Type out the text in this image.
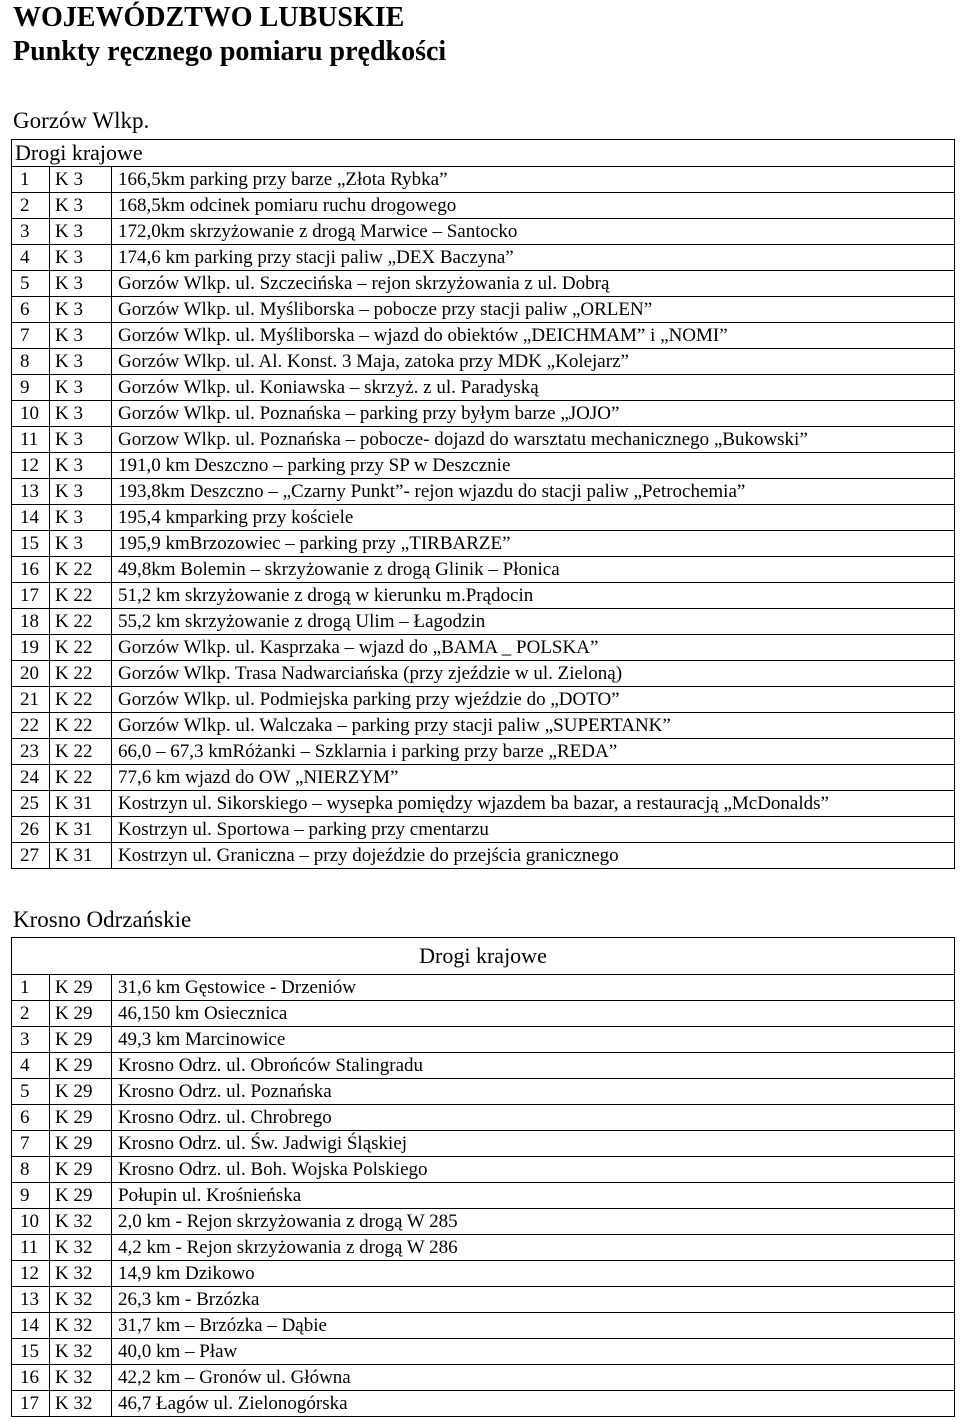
WOJEWÓDZTWO LUBUSKIE
Punkty ręcznego pomiaru prędkości
Gorzów Wlkp.
Drogi krajowe		
1	K 3	166,5km parking przy barze „Złota Rybka”
2	K 3	168,5km odcinek pomiaru ruchu drogowego
3	K 3	172,0km skrzyżowanie z drogą Marwice – Santocko
4	K 3	174,6 km parking przy stacji paliw „DEX Baczyna”
5	K 3	Gorzów Wlkp. ul. Szczecińska – rejon skrzyżowania z ul. Dobrą
6	K 3	Gorzów Wlkp. ul. Myśliborska – pobocze przy stacji paliw „ORLEN”
7	K 3	Gorzów Wlkp. ul. Myśliborska – wjazd do obiektów „DEICHMAM” i „NOMI”
8	K 3	Gorzów Wlkp. ul. Al. Konst. 3 Maja, zatoka przy MDK „Kolejarz”
9	K 3	Gorzów Wlkp. ul. Koniawska – skrzyż. z ul. Paradyską
10	K 3	Gorzów Wlkp. ul. Poznańska – parking przy byłym barze „JOJO”
11	K 3	Gorzow Wlkp. ul. Poznańska – pobocze- dojazd do warsztatu mechanicznego „Bukowski”
12	K 3	191,0 km Deszczno – parking przy SP w Deszcznie
13	K 3	193,8km Deszczno – „Czarny Punkt”- rejon wjazdu do stacji paliw „Petrochemia”
14	K 3	195,4 kmparking przy kościele
15	K 3	195,9 kmBrzozowiec – parking przy „TIRBARZE”
16	K 22	49,8km Bolemin – skrzyżowanie z drogą Glinik – Płonica
17	K 22	51,2 km skrzyżowanie z drogą w kierunku m.Prądocin
18	K 22	55,2 km skrzyżowanie z drogą Ulim – Łagodzin
19	K 22	Gorzów Wlkp. ul. Kasprzaka – wjazd do „BAMA _ POLSKA”
20	K 22	Gorzów Wlkp. Trasa Nadwarciańska (przy zjeździe w ul. Zieloną)
21	K 22	Gorzów Wlkp. ul. Podmiejska parking przy wjeździe do „DOTO”
22	K 22	Gorzów Wlkp. ul. Walczaka – parking przy stacji paliw „SUPERTANK”
23	K 22	66,0 – 67,3 kmRóżanki – Szklarnia i parking przy barze „REDA”
24	K 22	77,6 km wjazd do OW „NIERZYM”
25	K 31	Kostrzyn ul. Sikorskiego – wysepka pomiędzy wjazdem ba bazar, a restauracją „McDonalds”
26	K 31	Kostrzyn ul. Sportowa – parking przy cmentarzu
27	K 31	Kostrzyn ul. Graniczna – przy dojeździe do przejścia granicznego
Krosno Odrzańskie
Drogi krajowe		
1	K 29	31,6 km Gęstowice - Drzeniów
2	K 29	46,150 km Osiecznica
3	K 29	49,3 km Marcinowice
4	K 29	Krosno Odrz. ul. Obrońców Stalingradu
5	K 29	Krosno Odrz. ul. Poznańska
6	K 29	Krosno Odrz. ul. Chrobrego
7	K 29	Krosno Odrz. ul. Św. Jadwigi Śląskiej
8	K 29	Krosno Odrz. ul. Boh. Wojska Polskiego
9	K 29	Połupin ul. Krośnieńska
10	K 32	2,0 km - Rejon skrzyżowania z drogą W 285
11	K 32	4,2 km - Rejon skrzyżowania z drogą W 286
12	K 32	14,9 km Dzikowo
13	K 32	26,3 km - Brzózka
14	K 32	31,7 km – Brzózka – Dąbie
15	K 32	40,0 km – Pław
16	K 32	42,2 km – Gronów ul. Główna
17	K 32	46,7 Łagów ul. Zielonogórska
